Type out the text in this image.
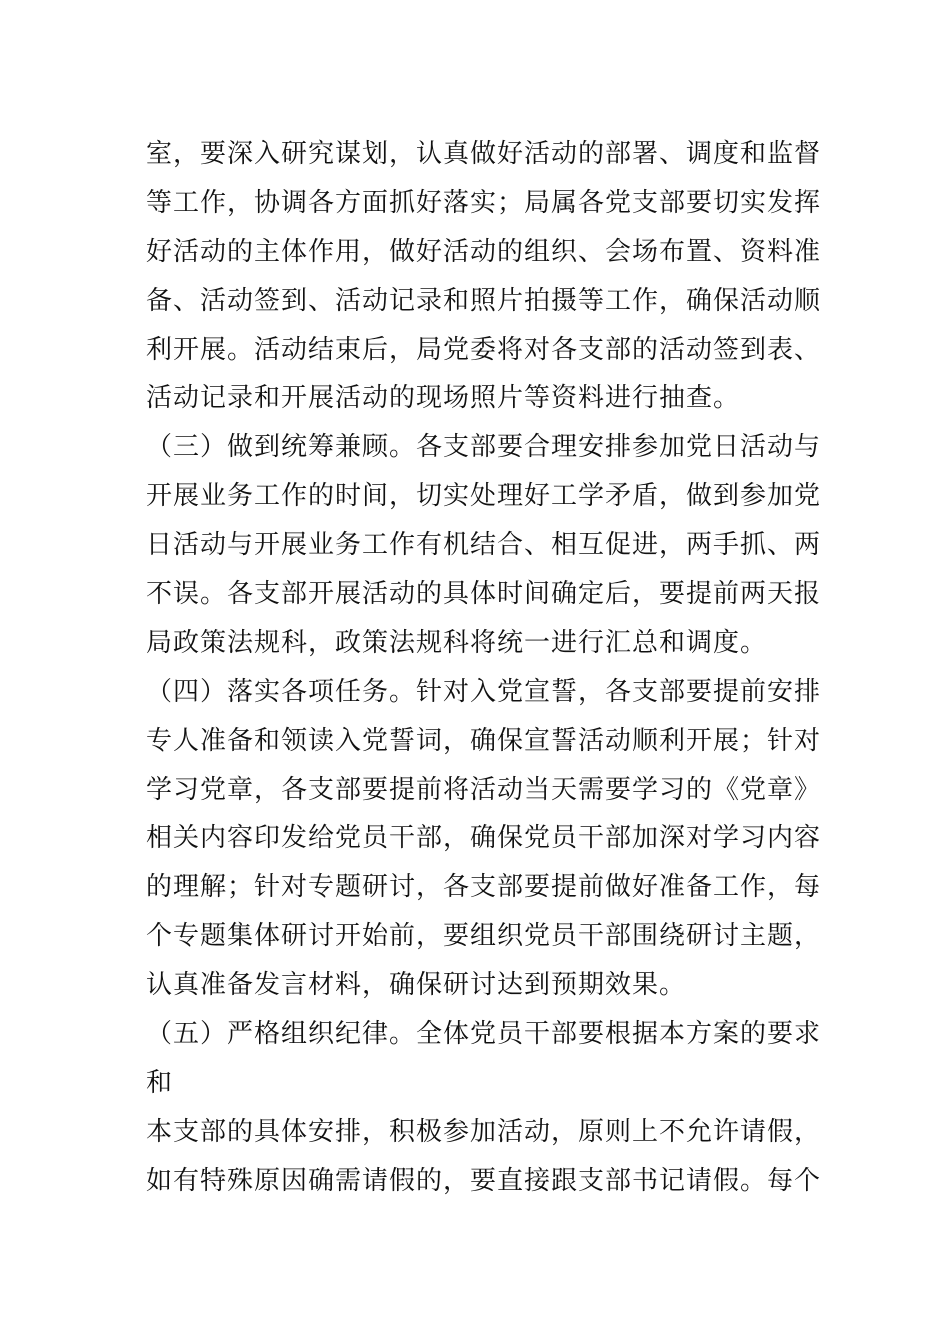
室，要深入研究谋划，认真做好活动的部署、调度和监督
等工作，协调各方面抓好落实；局属各党支部要切实发挥
好活动的主体作用，做好活动的组织、会场布置、资料准
备、活动签到、活动记录和照片拍摄等工作，确保活动顺
利开展。活动结束后，局党委将对各支部的活动签到表、
活动记录和开展活动的现场照片等资料进行抽查。
（三）做到统筹兼顾。各支部要合理安排参加党日活动与
开展业务工作的时间，切实处理好工学矛盾，做到参加党
日活动与开展业务工作有机结合、相互促进，两手抓、两
不误。各支部开展活动的具体时间确定后，要提前两天报
局政策法规科，政策法规科将统一进行汇总和调度。
（四）落实各项任务。针对入党宣誓，各支部要提前安排
专人准备和领读入党誓词，确保宣誓活动顺利开展；针对
学习党章，各支部要提前将活动当天需要学习的《党章》
相关内容印发给党员干部，确保党员干部加深对学习内容
的理解；针对专题研讨，各支部要提前做好准备工作，每
个专题集体研讨开始前，要组织党员干部围绕研讨主题，
认真准备发言材料，确保研讨达到预期效果。
（五）严格组织纪律。全体党员干部要根据本方案的要求
和
本支部的具体安排，积极参加活动，原则上不允许请假，
如有特殊原因确需请假的，要直接跟支部书记请假。每个
